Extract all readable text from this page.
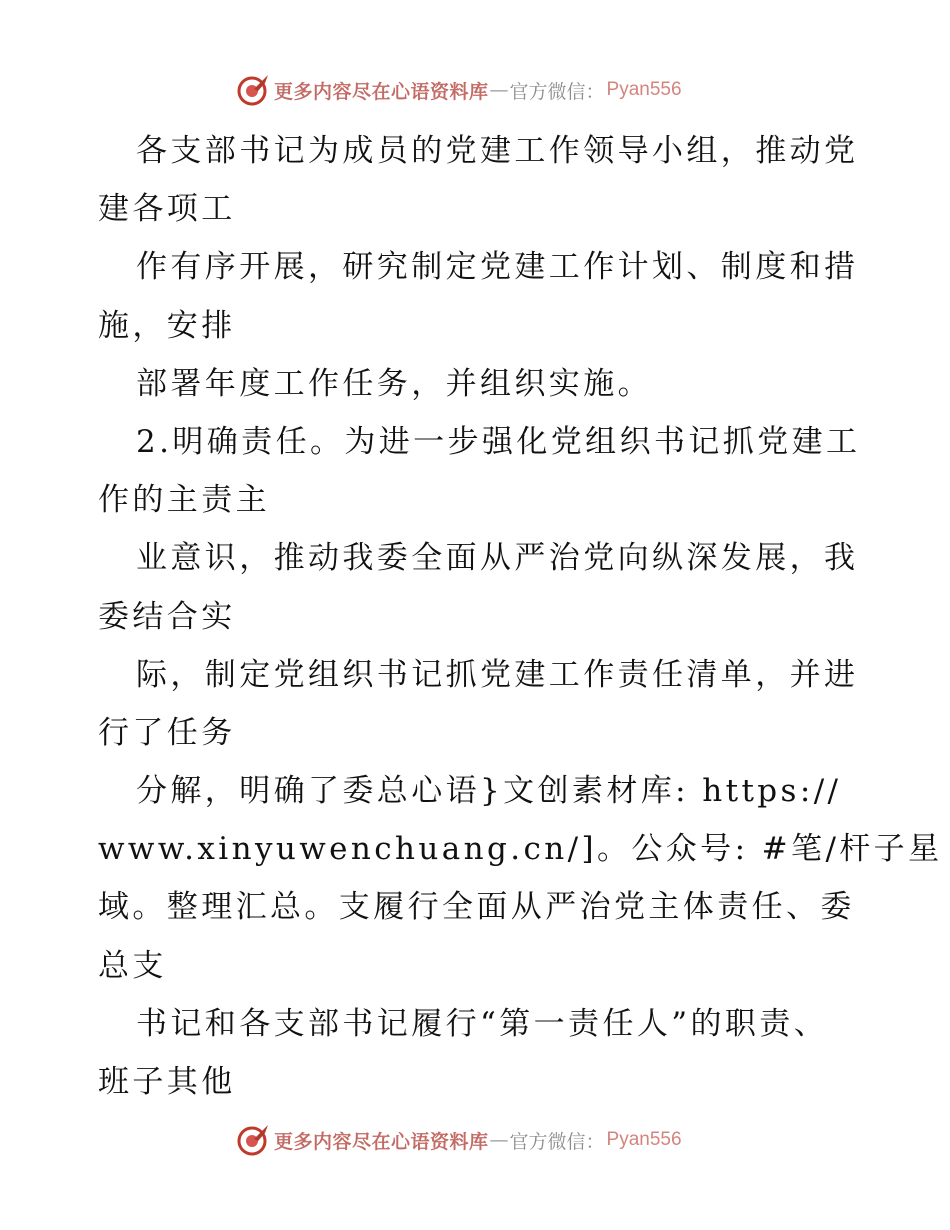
更多内容尽在心语资料库 — 官方微信： Pyan556
各支部书记为成员的党建工作领导小组，推动党
建各项工
作有序开展，研究制定党建工作计划、制度和措
施，安排
部署年度工作任务，并组织实施。
2.明确责任。为进一步强化党组织书记抓党建工
作的主责主
业意识，推动我委全面从严治党向纵深发展，我
委结合实
际，制定党组织书记抓党建工作责任清单，并进
行了任务
分解，明确了委总心语}文创素材库: https://
www.xinyuwenchuang.cn/]。公众号: #笔/杆子星
域。整理汇总。支履行全面从严治党主体责任、委
总支
书记和各支部书记履行“第一责任人”的职责、
班子其他
更多内容尽在心语资料库 — 官方微信： Pyan556
